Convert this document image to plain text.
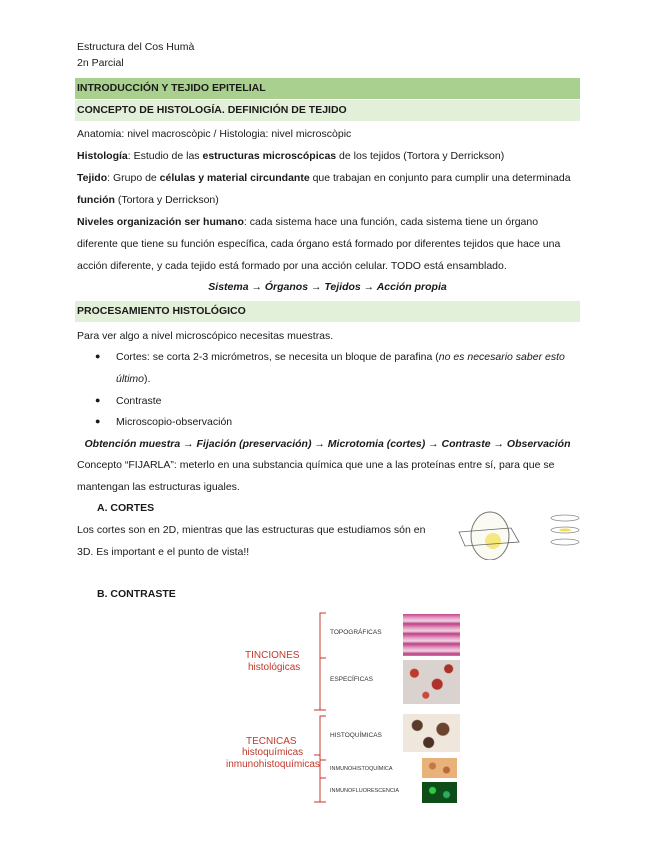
Estructura del Cos Humà
2n Parcial
INTRODUCCIÓN Y TEJIDO EPITELIAL
CONCEPTO DE HISTOLOGÍA. DEFINICIÓN DE TEJIDO
Anatomia: nivel macroscòpic / Histologia: nivel microscòpic
Histología: Estudio de las estructuras microscópicas de los tejidos (Tortora y Derrickson)
Tejido: Grupo de células y material circundante que trabajan en conjunto para cumplir una determinada
función (Tortora y Derrickson)
Niveles organización ser humano: cada sistema hace una función, cada sistema tiene un órgano
diferente que tiene su función específica, cada órgano está formado por diferentes tejidos que hace una
acción diferente, y cada tejido está formado por una acción celular. TODO está ensamblado.
Sistema → Órganos → Tejidos → Acción propia
PROCESAMIENTO HISTOLÓGICO
Para ver algo a nivel microscópico necesitas muestras.
●
Cortes: se corta 2-3 micrómetros, se necesita un bloque de parafina (no es necesario saber esto
último).
●
Contraste
●
Microscopio-observación
Obtención muestra → Fijación (preservación) → Microtomia (cortes) → Contraste → Observación
Concepto “FIJARLA”: meterlo en una substancia química que une a las proteínas entre sí, para que se
mantengan las estructuras iguales.
A. CORTES
Los cortes son en 2D, mientras que las estructuras que estudiamos són en
3D. Es important e el punto de vista!!
B. CONTRASTE
TINCIONES
histológicas
TECNICAS
histoquímicas
inmunohistoquímicas
TOPOGRÁFICAS
ESPECÍFICAS
HISTOQUÍMICAS
INMUNOHISTOQUÍMICA
INMUNOFLUORESCENCIA
